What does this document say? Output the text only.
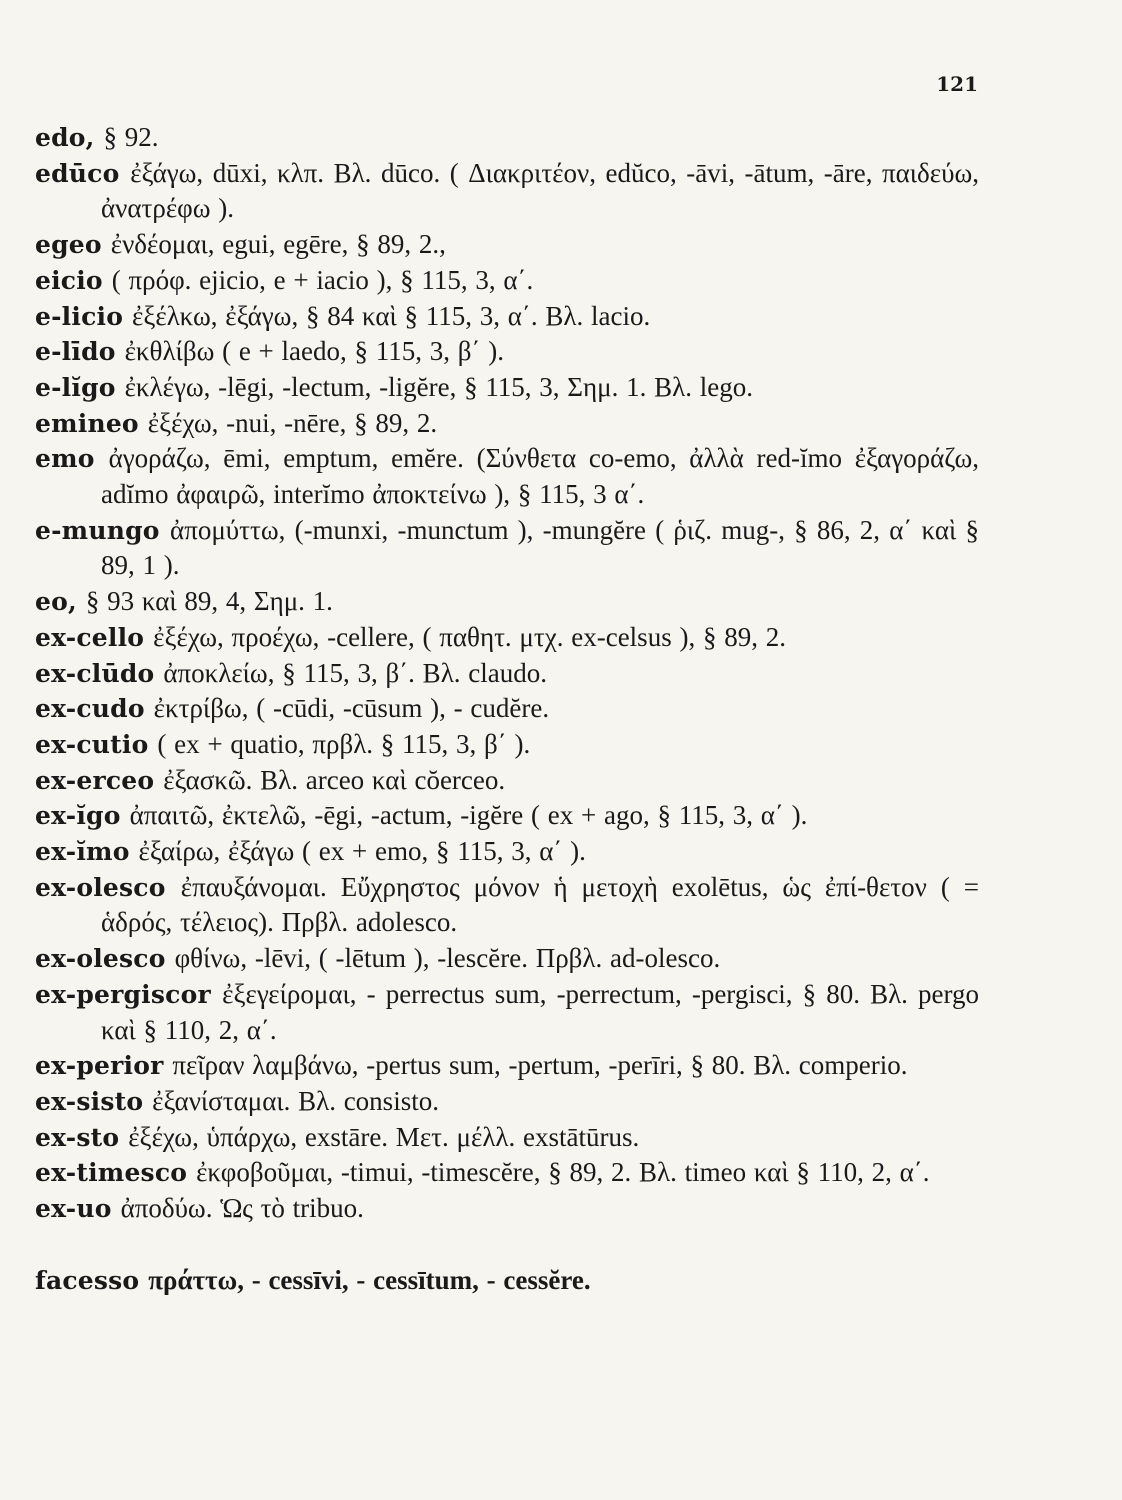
121

edo, § 92.

edūco ἐξάγω, dūxi, κλπ. Βλ. dūco. ( Διακριτέον, edŭco, -āvi, -ātum, -āre, παιδεύω, ἀνατρέφω ).

egeo ἐνδέομαι, egui, egēre, § 89, 2.,

eicio ( πρόφ. ejicio, e + iacio ), § 115, 3, α΄.

e-licio ἐξέλκω, ἐξάγω, § 84 καὶ § 115, 3, α΄. Βλ. lacio.

e-līdo ἐκθλίβω ( e + laedo, § 115, 3, β΄ ).

e-lĭgo ἐκλέγω, -lēgi, -lectum, -ligĕre, § 115, 3, Σημ. 1. Βλ. lego.

emineo ἐξέχω, -nui, -nēre, § 89, 2.

emo ἀγοράζω, ēmi, emptum, emĕre. (Σύνθετα co-emo, ἀλλὰ red-ĭmo ἐξαγοράζω, adĭmo ἀφαιρῶ, interĭmo ἀποκτείνω ), § 115, 3 α΄.

e-mungo ἀπομύττω, (-munxi, -munctum ), -mungĕre ( ῥιζ. mug-, § 86, 2, α΄ καὶ § 89, 1 ).

eo, § 93 καὶ 89, 4, Σημ. 1.

ex-cello ἐξέχω, προέχω, -cellere, ( παθητ. μτχ. ex-celsus ), § 89, 2.

ex-clūdo ἀποκλείω, § 115, 3, β΄. Βλ. claudo.

ex-cudo ἐκτρίβω, ( -cūdi, -cūsum ), - cudĕre.

ex-cutio ( ex + quatio, πρβλ. § 115, 3, β΄ ).

ex-erceo ἐξασκῶ. Βλ. arceo καὶ cŏerceo.

ex-ĭgo ἀπαιτῶ, ἐκτελῶ, -ēgi, -actum, -igĕre ( ex + ago, § 115, 3, α΄ ).

ex-ĭmo ἐξαίρω, ἐξάγω ( ex + emo, § 115, 3, α΄ ).

ex-olesco ἐπαυξάνομαι. Εὔχρηστος μόνον ἡ μετοχὴ exolētus, ὡς ἐπί-θετον ( = ἁδρός, τέλειος). Πρβλ. adolesco.

ex-olesco φθίνω, -lēvi, ( -lētum ), -lescĕre. Πρβλ. ad-olesco.

ex-pergiscor ἐξεγείρομαι, - perrectus sum, -perrectum, -pergisci, § 80. Βλ. pergo καὶ § 110, 2, α΄.

ex-perior πεῖραν λαμβάνω, -pertus sum, -pertum, -perīri, § 80. Βλ. comperio.

ex-sisto ἐξανίσταμαι. Βλ. consisto.

ex-sto ἐξέχω, ὑπάρχω, exstāre. Μετ. μέλλ. exstātūrus.

ex-timesco ἐκφοβοῦμαι, -timui, -timescĕre, § 89, 2. Βλ. timeo καὶ § 110, 2, α΄.

ex-uo ἀποδύω. Ὡς τὸ tribuo.

facesso πράττω, - cessīvi, - cessītum, - cessĕre.
